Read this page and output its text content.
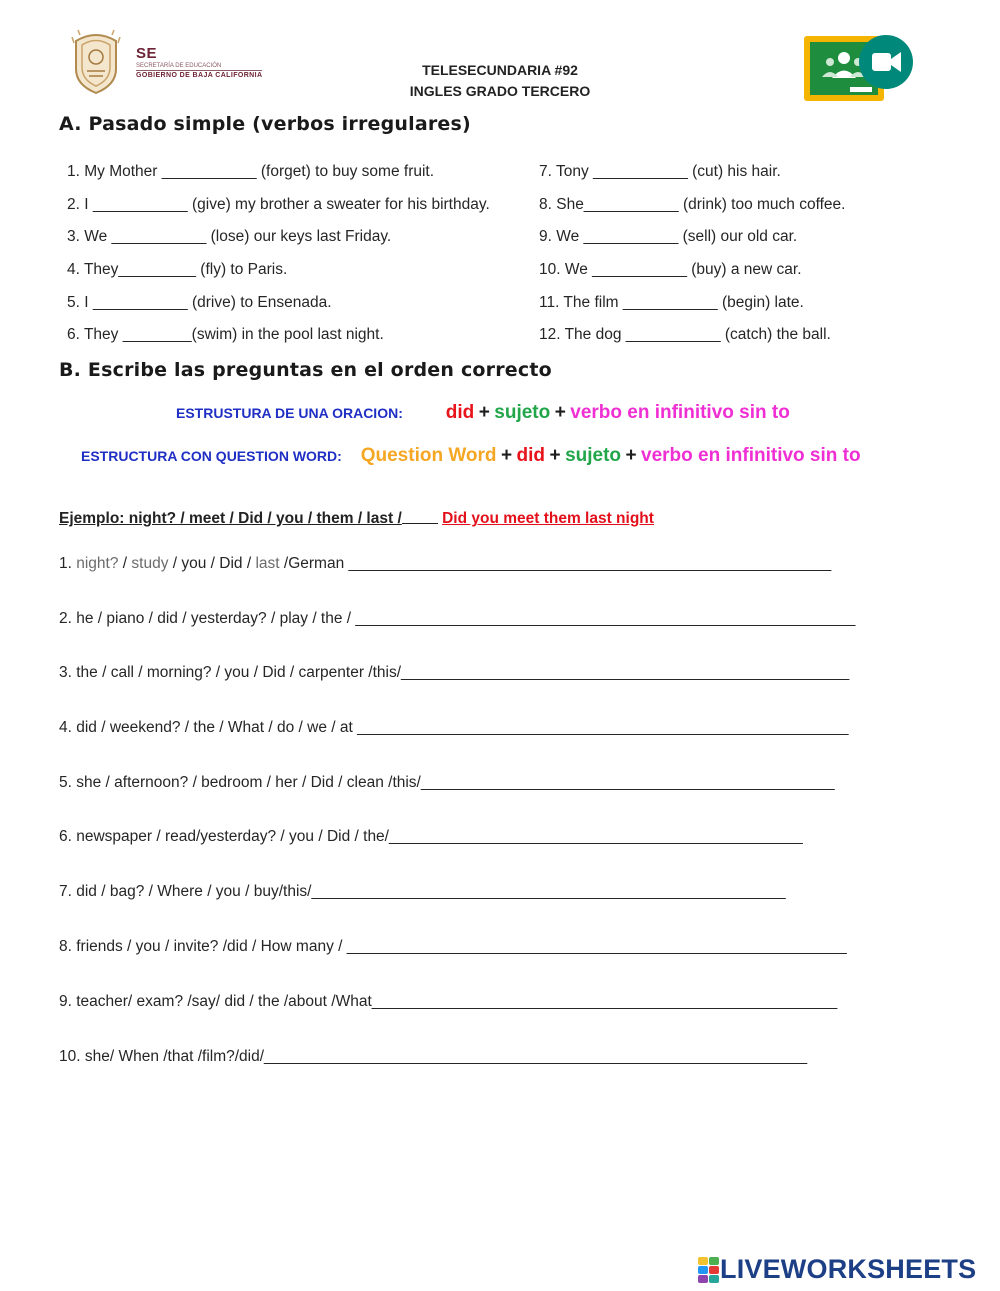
SE
SECRETARÍA DE EDUCACIÓN
GOBIERNO DE BAJA CALIFORNIA	TELESECUNDARIA #92
INGLES GRADO TERCERO
A. Pasado simple (verbos irregulares)
1. My Mother ___________ (forget) to buy some fruit.
2. I ___________ (give) my brother a sweater for his birthday.
3. We ___________ (lose) our keys last Friday.
4. They_________ (fly) to Paris.
5. I ___________ (drive) to Ensenada.
6. They ________(swim) in the pool last night.
7. Tony ___________ (cut) his hair.
8. She___________ (drink) too much coffee.
9. We ___________ (sell) our old car.
10. We ___________ (buy) a new car.
11. The film ___________ (begin) late.
12. The dog ___________ (catch) the ball.
B. Escribe las preguntas en el orden correcto
ESTRUSTURA DE UNA ORACION: did + sujeto + verbo en infinitivo sin to
ESTRUCTURA CON QUESTION WORD: Question Word + did + sujeto + verbo en infinitivo sin to
Ejemplo: night? / meet / Did / you / them / last /	Did you meet them last night
1. night? / study / you / Did / last /German ________________________________________________________
2. he / piano / did / yesterday? / play / the / __________________________________________________________
3. the / call / morning? / you / Did / carpenter /this/____________________________________________________
4. did / weekend? / the / What / do / we / at _________________________________________________________
5. she / afternoon? / bedroom / her / Did / clean /this/________________________________________________
6. newspaper / read/yesterday? / you / Did / the/________________________________________________
7. did / bag? / Where / you / buy/this/_______________________________________________________
8. friends / you / invite? /did / How many / __________________________________________________________
9. teacher/ exam? /say/ did / the /about /What______________________________________________________
10. she/ When /that /film?/did/_______________________________________________________________
LIVEWORKSHEETS
